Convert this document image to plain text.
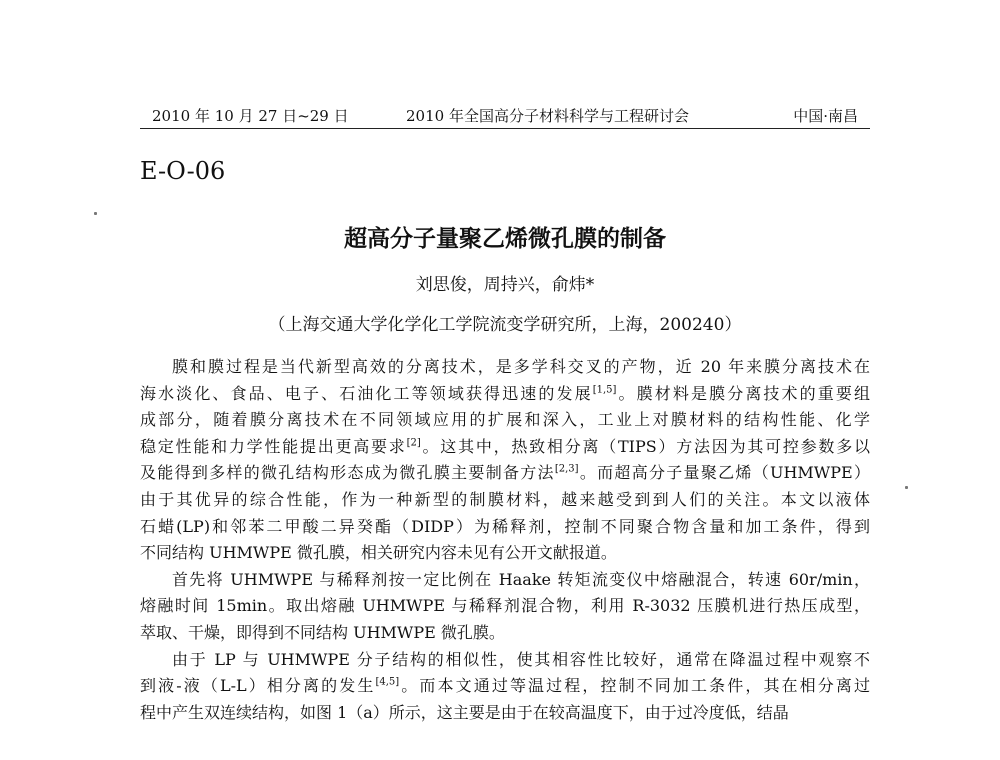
2010 年 10 月 27 日~29 日	2010 年全国高分子材料科学与工程研讨会	中国·南昌
E-O-06
超高分子量聚乙烯微孔膜的制备
刘思俊，周持兴，俞炜*
（上海交通大学化学化工学院流变学研究所，上海，200240）
膜和膜过程是当代新型高效的分离技术，是多学科交叉的产物，近 20 年来膜分离技术在
海水淡化、食品、电子、石油化工等领域获得迅速的发展[1,5]。膜材料是膜分离技术的重要组
成部分，随着膜分离技术在不同领域应用的扩展和深入，工业上对膜材料的结构性能、化学
稳定性能和力学性能提出更高要求[2]。这其中，热致相分离（TIPS）方法因为其可控参数多以
及能得到多样的微孔结构形态成为微孔膜主要制备方法[2,3]。而超高分子量聚乙烯（UHMWPE）
由于其优异的综合性能，作为一种新型的制膜材料，越来越受到到人们的关注。本文以液体
石蜡(LP)和邻苯二甲酸二异癸酯（DIDP）为稀释剂，控制不同聚合物含量和加工条件，得到
不同结构 UHMWPE 微孔膜，相关研究内容未见有公开文献报道。
首先将 UHMWPE 与稀释剂按一定比例在 Haake 转矩流变仪中熔融混合，转速 60r/min，
熔融时间 15min。取出熔融 UHMWPE 与稀释剂混合物，利用 R-3032 压膜机进行热压成型，
萃取、干燥，即得到不同结构 UHMWPE 微孔膜。
由于 LP 与 UHMWPE 分子结构的相似性，使其相容性比较好，通常在降温过程中观察不
到液-液（L-L）相分离的发生[4,5]。而本文通过等温过程，控制不同加工条件，其在相分离过
程中产生双连续结构，如图 1（a）所示，这主要是由于在较高温度下，由于过冷度低，结晶
